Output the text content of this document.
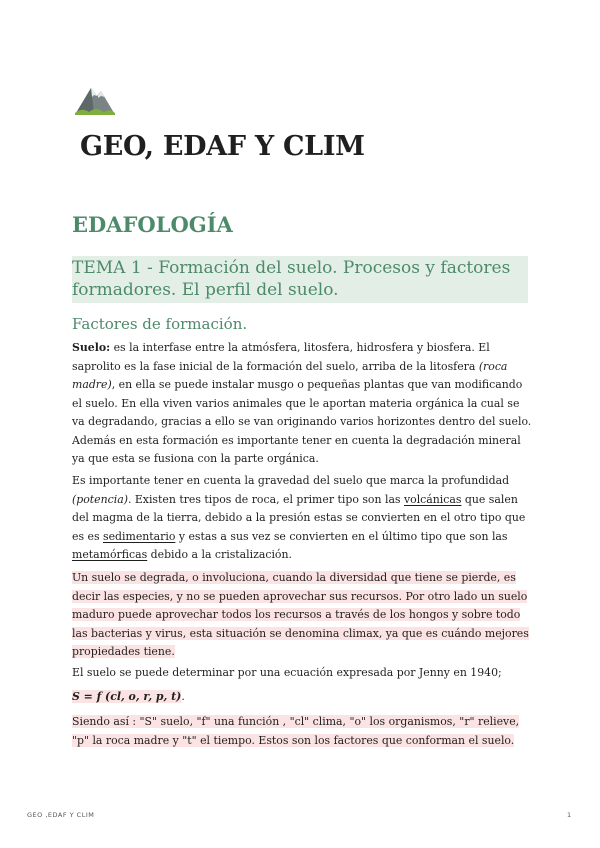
GEO, EDAF Y CLIM
EDAFOLOGÍA
TEMA 1 - Formación del suelo. Procesos y factores formadores. El perfil del suelo.
Factores de formación.
Suelo: es la interfase entre la atmósfera, litosfera, hidrosfera y biosfera. El saprolito es la fase inicial de la formación del suelo, arriba de la litosfera (roca madre), en ella se puede instalar musgo o pequeñas plantas que van modificando el suelo. En ella viven varios animales que le aportan materia orgánica la cual se va degradando, gracias a ello se van originando varios horizontes dentro del suelo. Además en esta formación es importante tener en cuenta la degradación mineral ya que esta se fusiona con la parte orgánica.
Es importante tener en cuenta la gravedad del suelo que marca la profundidad (potencia). Existen tres tipos de roca, el primer tipo son las volcánicas que salen del magma de la tierra, debido a la presión estas se convierten en el otro tipo que es es sedimentario y estas a sus vez se convierten en el último tipo que son las metamórficas debido a la cristalización.
Un suelo se degrada, o involuciona, cuando la diversidad que tiene se pierde, es decir las especies, y no se pueden aprovechar sus recursos. Por otro lado un suelo maduro puede aprovechar todos los recursos a través de los hongos y sobre todo las bacterias y virus, esta situación se denomina climax, ya que es cuándo mejores propiedades tiene.
El suelo se puede determinar por una ecuación expresada por Jenny en 1940;
S = f (cl, o, r, p, t).
Siendo así : "S" suelo, "f" una función , "cl" clima, "o" los organismos, "r" relieve, "p" la roca madre y "t" el tiempo. Estos son los factores que conforman el suelo.
GEO ,EDAF Y CLIM	1
